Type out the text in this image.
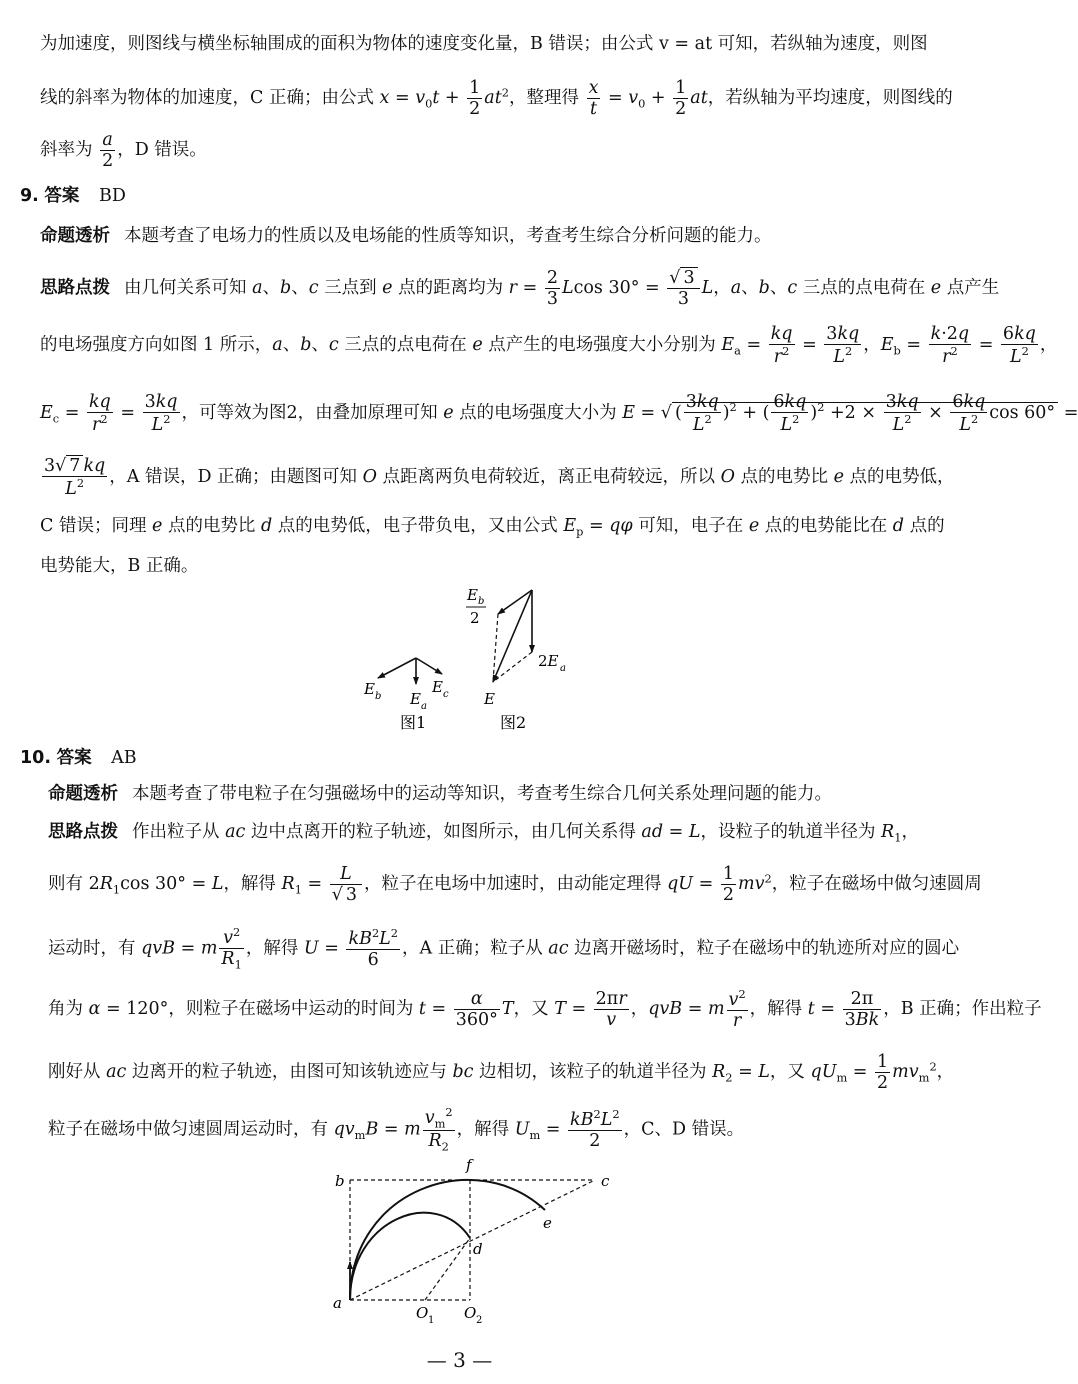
为加速度，则图线与横坐标轴围成的面积为物体的速度变化量，B 错误；由公式 v = at 可知，若纵轴为速度，则图
线的斜率为物体的加速度，C 正确；由公式 $x = v_0t + \frac{1}{2} at^2$，整理得 $\frac{x}{t} = v_0 + \frac{1}{2}$ at，若纵轴为平均速度，则图线的
斜率为 $\frac{a}{2}$ ，D 错误。
9. 答案 BD
命题透析 本题考查了电场力的性质以及电场能的性质等知识，考查考生综合分析问题的能力。
思路点拨 由几何关系可知 a、b、c 三点到 e 点的距离均为 $r = \frac{2}{3}$ Lcos $30^\circ = \frac{√ 3}{3}$ L，a、b、c 三点的点电荷在 e 点产生
的电场强度方向如图 1 所示，a、b、c 三点的点电荷在 e 点产生的电场强度大小分别为 $E_a = \frac{kq}{r^2} = \frac{3kq}{L^2}$ ，$E_b = \frac{k\cdot 2q}{r^2} = \frac{6kq}{L^2}$ ，
$E_c = \frac{kq}{r^2} = \frac{3kq}{L^2}$ ，可等效为图2，由叠加原理可知 e 点的电场强度大小为 E = √ ( $\frac{3kq}{L^2} )^2$ + ( $\frac{6kq}{L^2} )^2 +2 \times \frac{3kq}{L^2} \times \frac{6kq}{L^2}$ cos 60° =
$\frac{3√ 7 kq}{L^2}$ ，A 错误，D 正确；由题图可知 O 点距离两负电荷较近，离正电荷较远，所以 O 点的电势比 e 点的电势低，
C 错误；同理 e 点的电势比 d 点的电势低，电子带负电，又由公式 $E_p = q\varphi$ 可知，电子在 e 点的电势能比在 d 点的
电势能大，B 正确。
E b E a
E c
图1
E b
2
2E a
E
图2
10. 答案 AB
命题透析 本题考查了带电粒子在匀强磁场中的运动等知识，考查考生综合几何关系处理问题的能力。
思路点拨 作出粒子从 ac 边中点离开的粒子轨迹，如图所示，由几何关系得 ad = L，设粒子的轨道半径为 $R_1$，
则有 $2R_1\cos$ 30° = L，解得 $R_1 = \frac{L}{√ 3}$ ，粒子在电场中加速时，由动能定理得 qU = $\frac{1}{2} mv^2$，粒子在磁场中做匀速圆周
运动时，有 qvB = m $\frac{v^2}{R_1}$ ，解得 $U = \frac{kB^2L^2}{6}$ ，A 正确；粒子从 ac 边离开磁场时，粒子在磁场中的轨迹所对应的圆心
角为 α = 120°，则粒子在磁场中运动的时间为 $t = \frac{\alpha}{360^\circ}$ T，又 $T = \frac{2\pi r}{v}$ ，qvB = m $\frac{v^2}{r}$ ，解得 $t = \frac{2\pi}{3Bk}$ ，B 正确；作出粒子
刚好从 ac 边离开的粒子轨迹，由图可知该轨迹应与 bc 边相切，该粒子的轨道半径为 $R_2 = L$，又 $qU_m = \frac{1}{2} mv_m^2$，
粒子在磁场中做匀速圆周运动时，有 $qv_mB = m \frac{v_m^2}{R_2}$ ，解得 $U_m = \frac{kB^2L^2}{2}$ ，C、D 错误。
b
f
c
e
d
a
O 1 O 2
— 3 —
